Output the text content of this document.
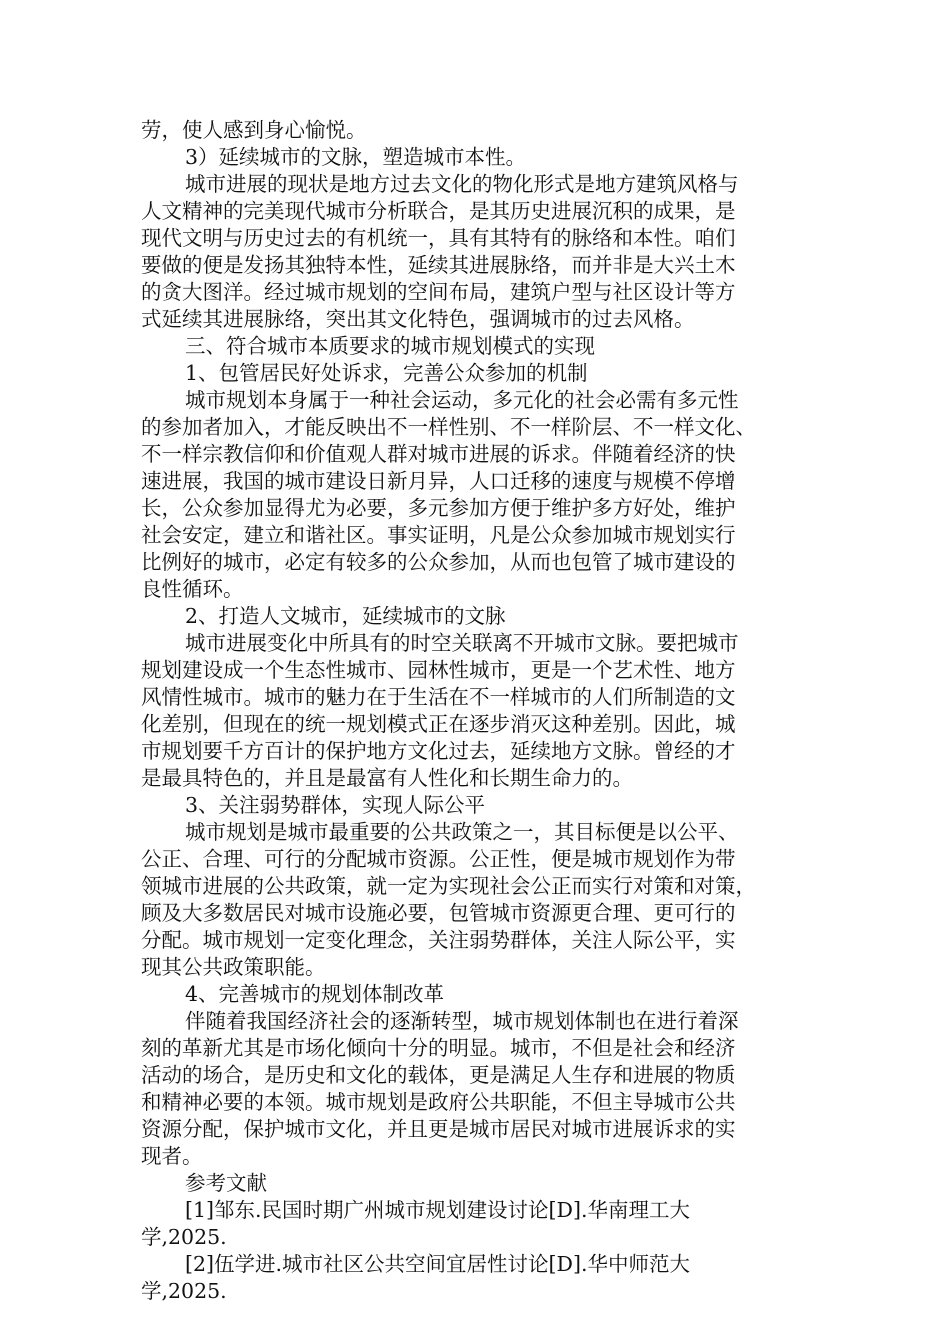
劳，使人感到身心愉悦。
3）延续城市的文脉，塑造城市本性。
城市进展的现状是地方过去文化的物化形式是地方建筑风格与
人文精神的完美现代城市分析联合，是其历史进展沉积的成果，是
现代文明与历史过去的有机统一，具有其特有的脉络和本性。咱们
要做的便是发扬其独特本性，延续其进展脉络，而并非是大兴土木
的贪大图洋。经过城市规划的空间布局，建筑户型与社区设计等方
式延续其进展脉络，突出其文化特色，强调城市的过去风格。
三、符合城市本质要求的城市规划模式的实现
1、包管居民好处诉求，完善公众参加的机制
城市规划本身属于一种社会运动，多元化的社会必需有多元性
的参加者加入，才能反映出不一样性别、不一样阶层、不一样文化、
不一样宗教信仰和价值观人群对城市进展的诉求。伴随着经济的快
速进展，我国的城市建设日新月异，人口迁移的速度与规模不停增
长，公众参加显得尤为必要，多元参加方便于维护多方好处，维护
社会安定，建立和谐社区。事实证明，凡是公众参加城市规划实行
比例好的城市，必定有较多的公众参加，从而也包管了城市建设的
良性循环。
2、打造人文城市，延续城市的文脉
城市进展变化中所具有的时空关联离不开城市文脉。要把城市
规划建设成一个生态性城市、园林性城市，更是一个艺术性、地方
风情性城市。城市的魅力在于生活在不一样城市的人们所制造的文
化差别，但现在的统一规划模式正在逐步消灭这种差别。因此，城
市规划要千方百计的保护地方文化过去，延续地方文脉。曾经的才
是最具特色的，并且是最富有人性化和长期生命力的。
3、关注弱势群体，实现人际公平
城市规划是城市最重要的公共政策之一，其目标便是以公平、
公正、合理、可行的分配城市资源。公正性，便是城市规划作为带
领城市进展的公共政策，就一定为实现社会公正而实行对策和对策，
顾及大多数居民对城市设施必要，包管城市资源更合理、更可行的
分配。城市规划一定变化理念，关注弱势群体，关注人际公平，实
现其公共政策职能。
4、完善城市的规划体制改革
伴随着我国经济社会的逐渐转型，城市规划体制也在进行着深
刻的革新尤其是市场化倾向十分的明显。城市，不但是社会和经济
活动的场合，是历史和文化的载体，更是满足人生存和进展的物质
和精神必要的本领。城市规划是政府公共职能，不但主导城市公共
资源分配，保护城市文化，并且更是城市居民对城市进展诉求的实
现者。
参考文献
[1]邹东.民国时期广州城市规划建设讨论[D].华南理工大
学,2025.
[2]伍学进.城市社区公共空间宜居性讨论[D].华中师范大
学,2025.
